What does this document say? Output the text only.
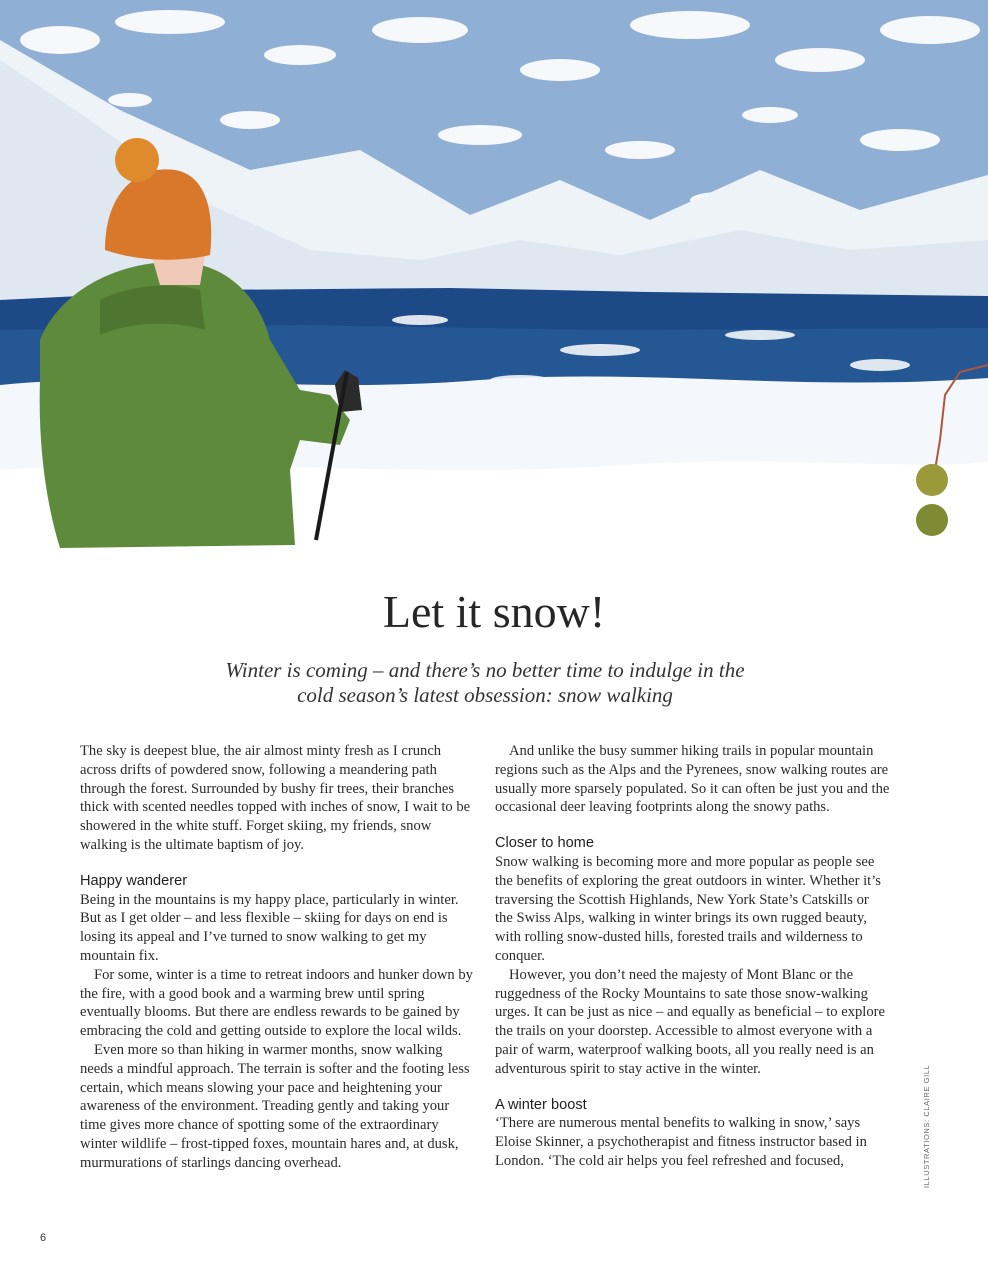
Let it snow!
Winter is coming – and there’s no better time to indulge in the
cold season’s latest obsession: snow walking

The sky is deepest blue, the air almost minty fresh as I crunch across drifts of powdered snow, following a meandering path through the forest. Surrounded by bushy fir trees, their branches thick with scented needles topped with inches of snow, I wait to be showered in the white stuff. Forget skiing, my friends, snow walking is the ultimate baptism of joy.

Happy wanderer

Being in the mountains is my happy place, particularly in winter. But as I get older – and less flexible – skiing for days on end is losing its appeal and I’ve turned to snow walking to get my mountain fix.

For some, winter is a time to retreat indoors and hunker down by the fire, with a good book and a warming brew until spring eventually blooms. But there are endless rewards to be gained by embracing the cold and getting outside to explore the local wilds.

Even more so than hiking in warmer months, snow walking needs a mindful approach. The terrain is softer and the footing less certain, which means slowing your pace and heightening your awareness of the environment. Treading gently and taking your time gives more chance of spotting some of the extraordinary winter wildlife – frost-tipped foxes, mountain hares and, at dusk, murmurations of starlings dancing overhead.

And unlike the busy summer hiking trails in popular mountain regions such as the Alps and the Pyrenees, snow walking routes are usually more sparsely populated. So it can often be just you and the occasional deer leaving footprints along the snowy paths.

Closer to home

Snow walking is becoming more and more popular as people see the benefits of exploring the great outdoors in winter. Whether it’s traversing the Scottish Highlands, New York State’s Catskills or the Swiss Alps, walking in winter brings its own rugged beauty, with rolling snow-dusted hills, forested trails and wilderness to conquer.

However, you don’t need the majesty of Mont Blanc or the ruggedness of the Rocky Mountains to sate those snow-walking urges. It can be just as nice – and equally as beneficial – to explore the trails on your doorstep. Accessible to almost everyone with a pair of warm, waterproof walking boots, all you really need is an adventurous spirit to stay active in the winter.

A winter boost

‘There are numerous mental benefits to walking in snow,’ says Eloise Skinner, a psychotherapist and fitness instructor based in London. ‘The cold air helps you feel refreshed and focused,	ILLUSTRATIONS: CLAIRE GILL
6
